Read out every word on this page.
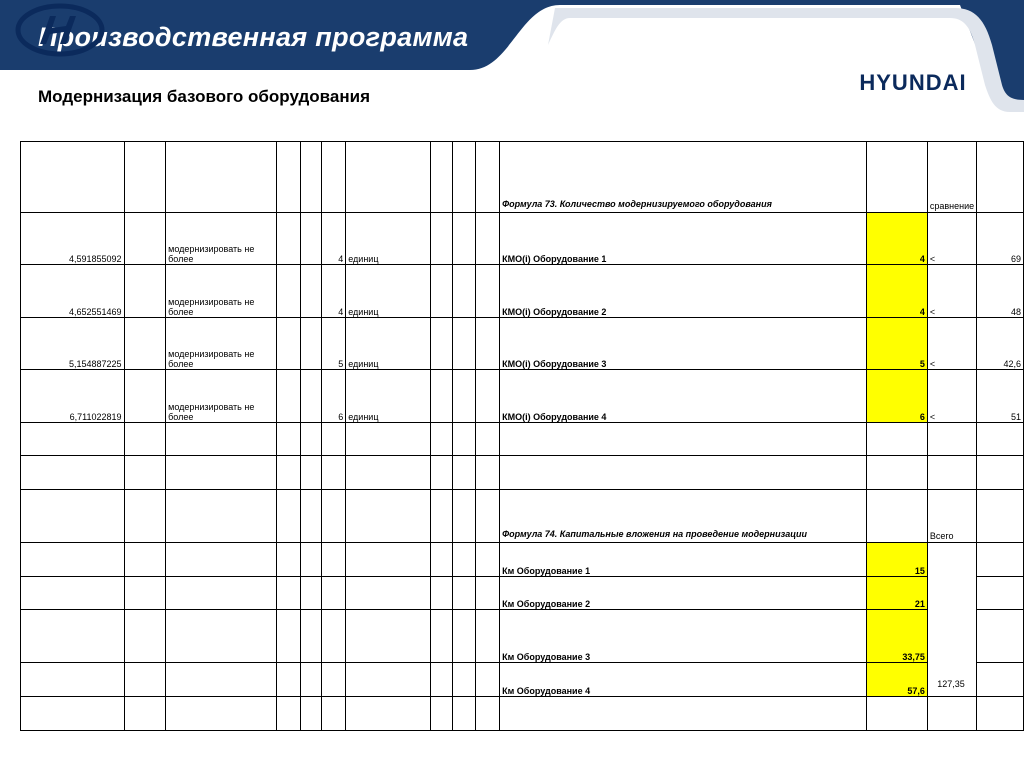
Производственная программа
HYUNDAI
Модернизация базового оборудования
										Формула 73. Количество модернизируемого оборудования		сравнение	
4,591855092		модернизировать не более			4	единиц				КМО(i) Оборудование 1	4	<	69
4,652551469		модернизировать не более			4	единиц				КМО(i) Оборудование 2	4	<	48
5,154887225		модернизировать не более			5	единиц				КМО(i) Оборудование 3	5	<	42,6
6,711022819		модернизировать не более			6	единиц				КМО(i) Оборудование 4	6	<	51

										Формула 74. Капитальные вложения на проведение модернизации		Всего	
										Км Оборудование 1	15	127,35	
										Км Оборудование 2	21		
										Км Оборудование 3	33,75		
										Км Оборудование 4	57,6		
